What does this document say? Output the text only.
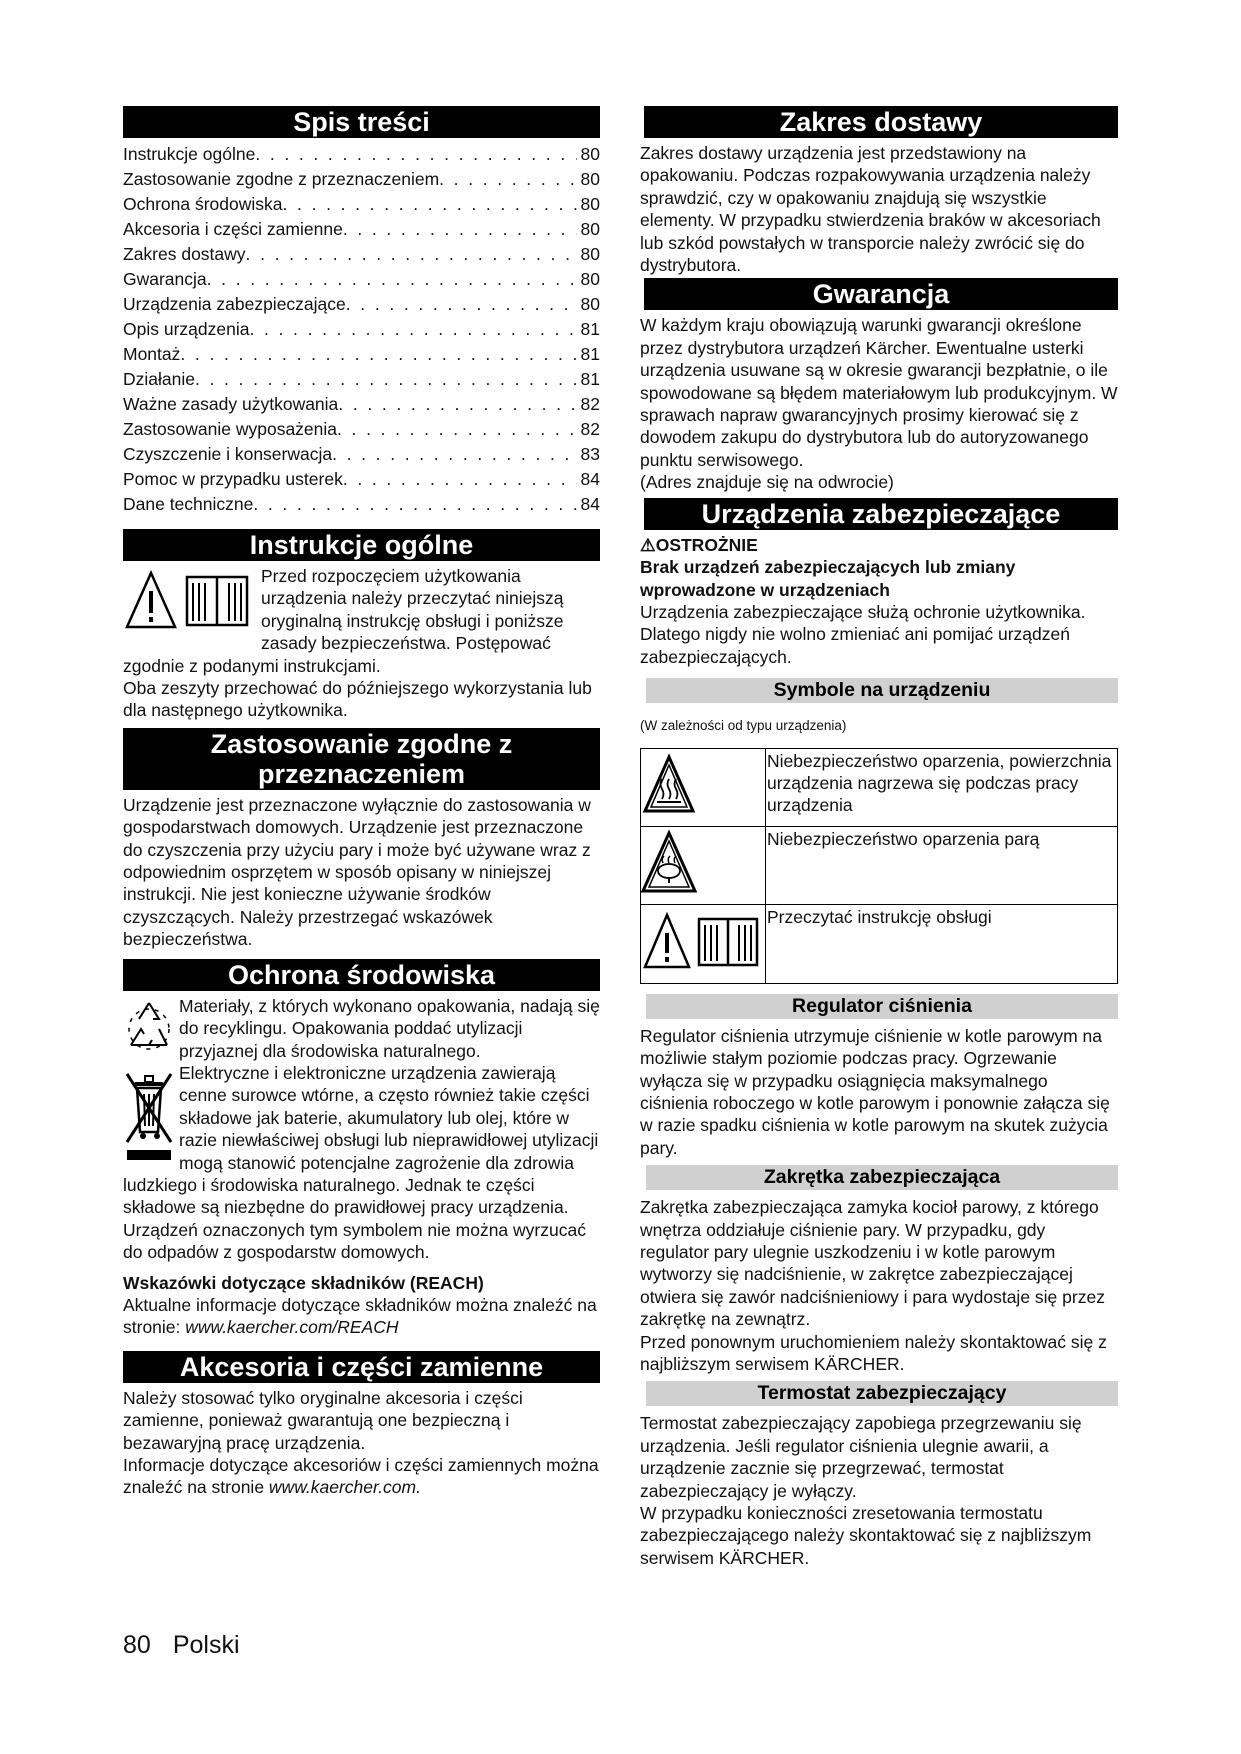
Spis treści
Instrukcje ogólne . . .	80
Zastosowanie zgodne z przeznaczeniem . . .	80
Ochrona środowiska . . .	80
Akcesoria i części zamienne . . .	80
Zakres dostawy . . .	80
Gwarancja . . .	80
Urządzenia zabezpieczające . . .	80
Opis urządzenia . . .	81
Montaż . . .	81
Działanie . . .	81
Ważne zasady użytkowania . . .	82
Zastosowanie wyposażenia . . .	82
Czyszczenie i konserwacja . . .	83
Pomoc w przypadku usterek . . .	84
Dane techniczne . . .	84
Instrukcje ogólne

Przed rozpoczęciem użytkowania urządzenia należy przeczytać niniejszą oryginalną instrukcję obsługi i poniższe zasady bezpieczeństwa. Postępować zgodnie z podanymi instrukcjami.

Oba zeszyty przechować do późniejszego wykorzystania lub dla następnego użytkownika.

Zastosowanie zgodne z
przeznaczeniem

Urządzenie jest przeznaczone wyłącznie do zastosowania w gospodarstwach domowych. Urządzenie jest przeznaczone do czyszczenia przy użyciu pary i może być używane wraz z odpowiednim osprzętem w sposób opisany w niniejszej instrukcji. Nie jest konieczne używanie środków czyszczących. Należy przestrzegać wskazówek bezpieczeństwa.

Ochrona środowiska

Materiały, z których wykonano opakowania, nadają się do recyklingu. Opakowania poddać utylizacji przyjaznej dla środowiska naturalnego.

Elektryczne i elektroniczne urządzenia zawierają cenne surowce wtórne, a często również takie części składowe jak baterie, akumulatory lub olej, które w razie niewłaściwej obsługi lub nieprawidłowej utylizacji mogą stanowić potencjalne zagrożenie dla zdrowia ludzkiego i środowiska naturalnego. Jednak te części składowe są niezbędne do prawidłowej pracy urządzenia. Urządzeń oznaczonych tym symbolem nie można wyrzucać do odpadów z gospodarstw domowych.

Wskazówki dotyczące składników (REACH)

Aktualne informacje dotyczące składników można znaleźć na stronie: www.kaercher.com/REACH

Akcesoria i części zamienne

Należy stosować tylko oryginalne akcesoria i części zamienne, ponieważ gwarantują one bezpieczną i bezawaryjną pracę urządzenia.

Informacje dotyczące akcesoriów i części zamiennych można znaleźć na stronie www.kaercher.com.

Zakres dostawy

Zakres dostawy urządzenia jest przedstawiony na opakowaniu. Podczas rozpakowywania urządzenia należy sprawdzić, czy w opakowaniu znajdują się wszystkie elementy. W przypadku stwierdzenia braków w akcesoriach lub szkód powstałych w transporcie należy zwrócić się do dystrybutora.

Gwarancja

W każdym kraju obowiązują warunki gwarancji określone przez dystrybutora urządzeń Kärcher. Ewentualne usterki urządzenia usuwane są w okresie gwarancji bezpłatnie, o ile spowodowane są błędem materiałowym lub produkcyjnym. W sprawach napraw gwarancyjnych prosimy kierować się z dowodem zakupu do dystrybutora lub do autoryzowanego punktu serwisowego.

(Adres znajduje się na odwrocie)

Urządzenia zabezpieczające

⚠OSTROŻNIE

Brak urządzeń zabezpieczających lub zmiany wprowadzone w urządzeniach

Urządzenia zabezpieczające służą ochronie użytkownika.

Dlatego nigdy nie wolno zmieniać ani pomijać urządzeń zabezpieczających.

Symbole na urządzeniu

(W zależności od typu urządzenia)

	Niebezpieczeństwo oparzenia, powierzchnia urządzenia nagrzewa się podczas pracy urządzenia
	Niebezpieczeństwo oparzenia parą
	Przeczytać instrukcję obsługi
Regulator ciśnienia

Regulator ciśnienia utrzymuje ciśnienie w kotle parowym na możliwie stałym poziomie podczas pracy. Ogrzewanie wyłącza się w przypadku osiągnięcia maksymalnego ciśnienia roboczego w kotle parowym i ponownie załącza się w razie spadku ciśnienia w kotle parowym na skutek zużycia pary.

Zakrętka zabezpieczająca

Zakrętka zabezpieczająca zamyka kocioł parowy, z którego wnętrza oddziałuje ciśnienie pary. W przypadku, gdy regulator pary ulegnie uszkodzeniu i w kotle parowym wytworzy się nadciśnienie, w zakrętce zabezpieczającej otwiera się zawór nadciśnieniowy i para wydostaje się przez zakrętkę na zewnątrz.

Przed ponownym uruchomieniem należy skontaktować się z najbliższym serwisem KÄRCHER.

Termostat zabezpieczający

Termostat zabezpieczający zapobiega przegrzewaniu się urządzenia. Jeśli regulator ciśnienia ulegnie awarii, a urządzenie zacznie się przegrzewać, termostat zabezpieczający je wyłączy.

W przypadku konieczności zresetowania termostatu zabezpieczającego należy skontaktować się z najbliższym serwisem KÄRCHER.

80 Polski
